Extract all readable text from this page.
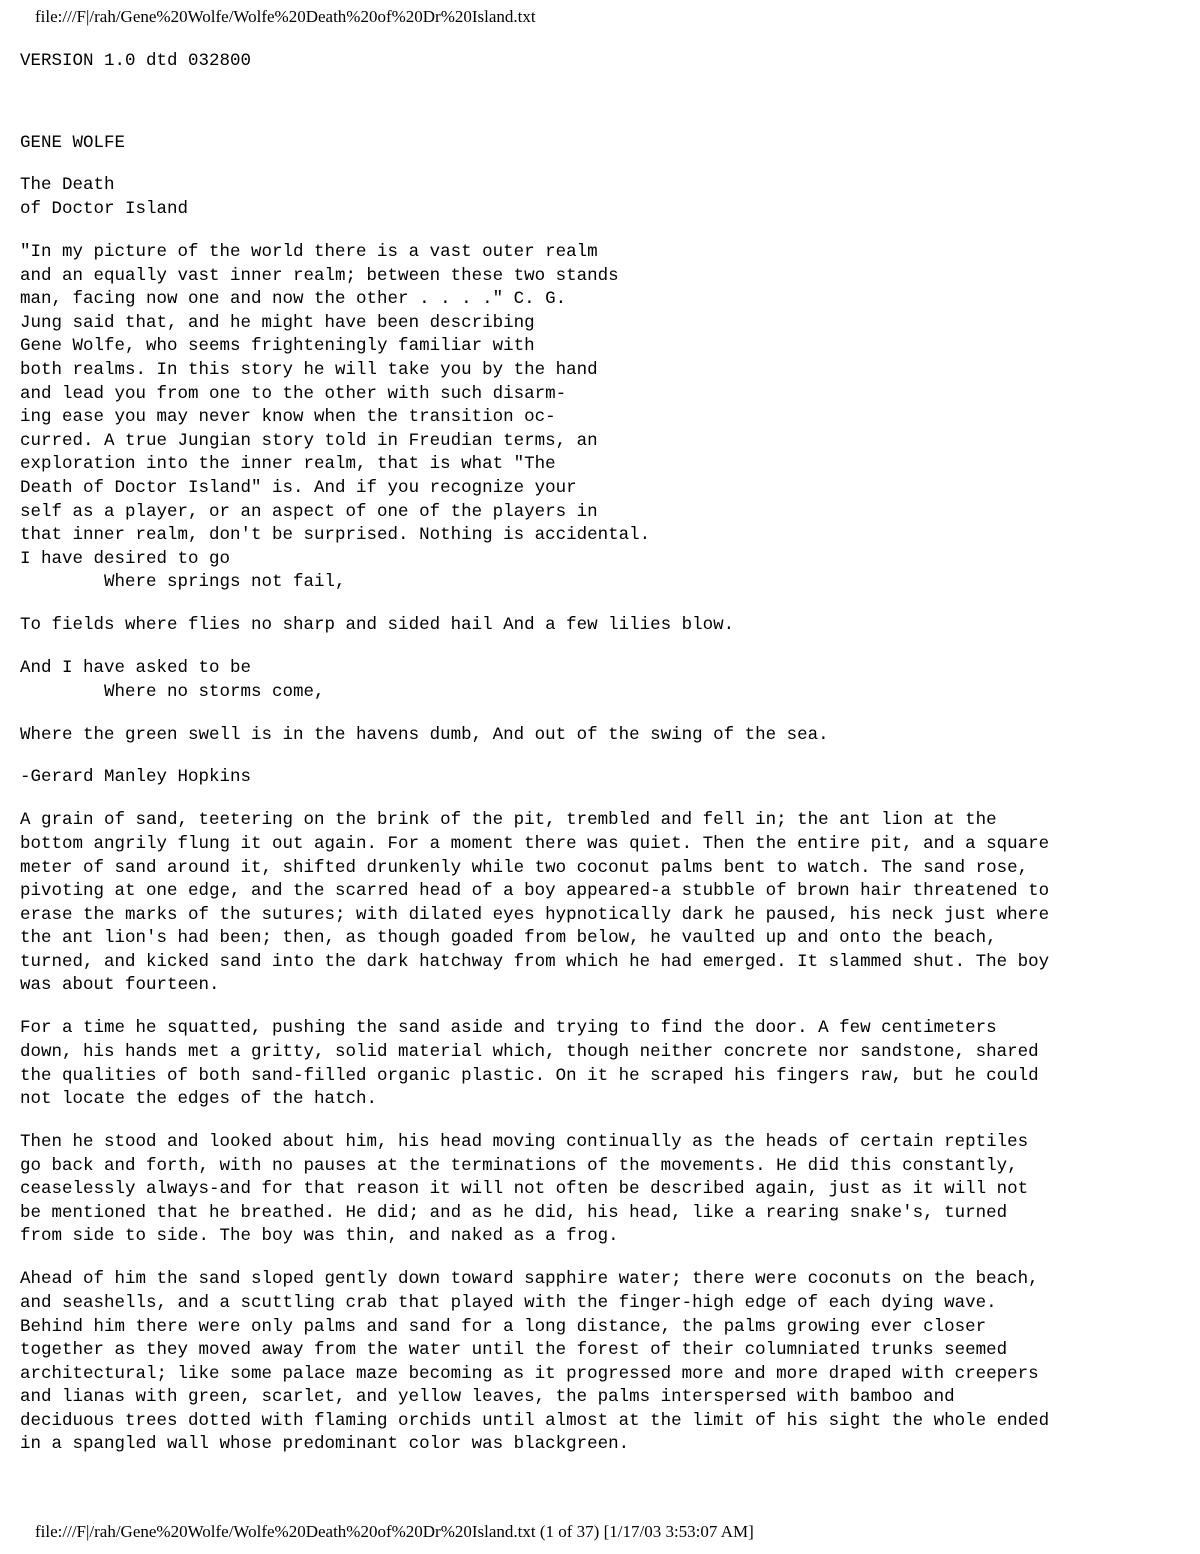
file:///F|/rah/Gene%20Wolfe/Wolfe%20Death%20of%20Dr%20Island.txt

VERSION 1.0 dtd 032800

GENE WOLFE

The Death
of Doctor Island

"In my picture of the world there is a vast outer realm
and an equally vast inner realm; between these two stands
man, facing now one and now the other . . . ." C. G.
Jung said that, and he might have been describing
Gene Wolfe, who seems frighteningly familiar with
both realms. In this story he will take you by the hand
and lead you from one to the other with such disarm-
ing ease you may never know when the transition oc-
curred. A true Jungian story told in Freudian terms, an
exploration into the inner realm, that is what "The
Death of Doctor Island" is. And if you recognize your
self as a player, or an aspect of one of the players in
that inner realm, don't be surprised. Nothing is accidental.
I have desired to go
Where springs not fail,

To fields where flies no sharp and sided hail And a few lilies blow.

And I have asked to be
Where no storms come,

Where the green swell is in the havens dumb, And out of the swing of the sea.

-Gerard Manley Hopkins

A grain of sand, teetering on the brink of the pit, trembled and fell in; the ant lion at the
bottom angrily flung it out again. For a moment there was quiet. Then the entire pit, and a square
meter of sand around it, shifted drunkenly while two coconut palms bent to watch. The sand rose,
pivoting at one edge, and the scarred head of a boy appeared-a stubble of brown hair threatened to
erase the marks of the sutures; with dilated eyes hypnotically dark he paused, his neck just where
the ant lion's had been; then, as though goaded from below, he vaulted up and onto the beach,
turned, and kicked sand into the dark hatchway from which he had emerged. It slammed shut. The boy
was about fourteen.

For a time he squatted, pushing the sand aside and trying to find the door. A few centimeters
down, his hands met a gritty, solid material which, though neither concrete nor sandstone, shared
the qualities of both sand-filled organic plastic. On it he scraped his fingers raw, but he could
not locate the edges of the hatch.

Then he stood and looked about him, his head moving continually as the heads of certain reptiles
go back and forth, with no pauses at the terminations of the movements. He did this constantly,
ceaselessly always-and for that reason it will not often be described again, just as it will not
be mentioned that he breathed. He did; and as he did, his head, like a rearing snake's, turned
from side to side. The boy was thin, and naked as a frog.

Ahead of him the sand sloped gently down toward sapphire water; there were coconuts on the beach,
and seashells, and a scuttling crab that played with the finger-high edge of each dying wave.
Behind him there were only palms and sand for a long distance, the palms growing ever closer
together as they moved away from the water until the forest of their columniated trunks seemed
architectural; like some palace maze becoming as it progressed more and more draped with creepers
and lianas with green, scarlet, and yellow leaves, the palms interspersed with bamboo and
deciduous trees dotted with flaming orchids until almost at the limit of his sight the whole ended
in a spangled wall whose predominant color was blackgreen.

file:///F|/rah/Gene%20Wolfe/Wolfe%20Death%20of%20Dr%20Island.txt (1 of 37) [1/17/03 3:53:07 AM]
